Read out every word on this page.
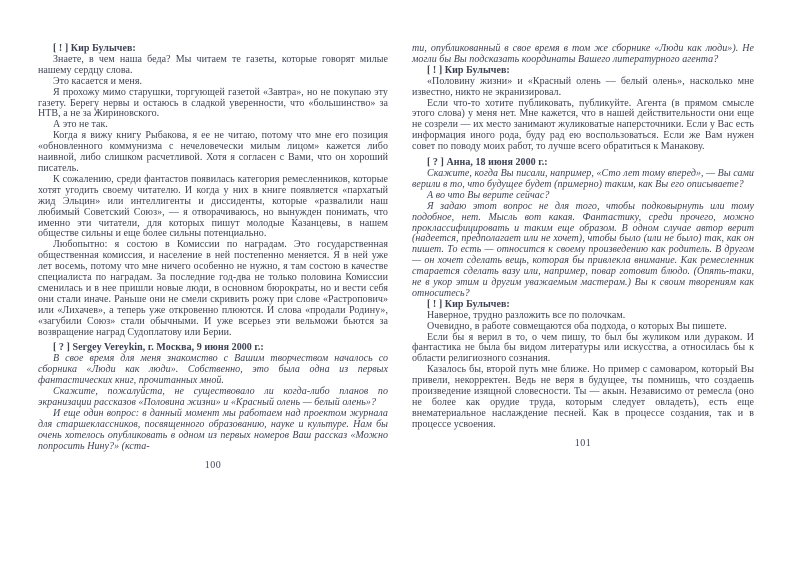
[ ! ] Кир Булычев:

Знаете, в чем наша беда? Мы читаем те газеты, которые говорят милые нашему сердцу слова.

Это касается и меня.

Я прохожу мимо старушки, торгующей газетой «Завтра», но не покупаю эту газету. Берегу нервы и остаюсь в сладкой уверенности, что «большинство» за НТВ, а не за Жириновского.

А это не так.

Когда я вижу книгу Рыбакова, я ее не читаю, потому что мне его позиция «обновленного коммунизма с нечеловечески милым лицом» кажется либо наивной, либо слишком расчетливой. Хотя я согласен с Вами, что он хороший писатель.

К сожалению, среди фантастов появилась категория ремесленников, которые хотят угодить своему читателю. И когда у них в книге появляется «пархатый жид Эльцин» или интеллигенты и диссиденты, которые «развалили наш любимый Советский Союз», — я отворачиваюсь, но вынужден понимать, что именно эти читатели, для которых пишут молодые Казанцевы, в нашем обществе сильны и еще более сильны потенциально.

Любопытно: я состою в Комиссии по наградам. Это государственная общественная комиссия, и население в ней постепенно меняется. Я в ней уже лет восемь, потому что мне ничего особенно не нужно, я там состою в качестве специалиста по наградам. За последние год-два не только половина Комиссии сменилась и в нее пришли новые люди, в основном бюрократы, но и вести себя они стали иначе. Раньше они не смели скривить рожу при слове «Растропович» или «Лихачев», а теперь уже откровенно плюются. И слова «продали Родину», «загубили Союз» стали обычными. И уже всерьез эти вельможи бьются за возвращение наград Судоплатову или Берии.

[ ? ] Sergey Vereykin, г. Москва, 9 июня 2000 г.:

В свое время для меня знакомство с Вашим творчеством началось со сборника «Люди как люди». Собственно, это была одна из первых фантастических книг, прочитанных мной.

Скажите, пожалуйста, не существовало ли когда-либо планов по экранизации рассказов «Половина жизни» и «Красный олень — белый олень»?

И еще один вопрос: в данный момент мы работаем над проектом журнала для старшеклассников, посвященного образованию, науке и культуре. Нам бы очень хотелось опубликовать в одном из первых номеров Ваш рассказ «Можно попросить Нину?» (кста-

100

ти, опубликованный в свое время в том же сборнике «Люди как люди»). Не могли бы Вы подсказать координаты Вашего литературного агента?

[ ! ] Кир Булычев:

«Половину жизни» и «Красный олень — белый олень», насколько мне известно, никто не экранизировал.

Если что-то хотите публиковать, публикуйте. Агента (в прямом смысле этого слова) у меня нет. Мне кажется, что в нашей действительности они еще не созрели — их место занимают жуликоватые наперсточники. Если у Вас есть информация иного рода, буду рад ею воспользоваться. Если же Вам нужен совет по поводу моих работ, то лучше всего обратиться к Манакову.

[ ? ] Анна, 18 июня 2000 г.:

Скажите, когда Вы писали, например, «Сто лет тому вперед», — Вы сами верили в то, что будущее будет (примерно) таким, как Вы его описываете?

А во что Вы верите сейчас?

Я задаю этот вопрос не для того, чтобы подковырнуть или тому подобное, нет. Мысль вот какая. Фантастику, среди прочего, можно проклассифицировать и таким еще образом. В одном случае автор верит (надеется, предполагает или не хочет), чтобы было (или не было) так, как он пишет. То есть — относится к своему произведению как родитель. В другом — он хочет сделать вещь, которая бы привлекла внимание. Как ремесленник старается сделать вазу или, например, повар готовит блюдо. (Опять-таки, не в укор этим и другим уважаемым мастерам.) Вы к своим творениям как относитесь?

[ ! ] Кир Булычев:

Наверное, трудно разложить все по полочкам.

Очевидно, в работе совмещаются оба подхода, о которых Вы пишете.

Если бы я верил в то, о чем пишу, то был бы жуликом или дураком. И фантастика не была бы видом литературы или искусства, а относилась бы к области религиозного сознания.

Казалось бы, второй путь мне ближе. Но пример с самоваром, который Вы привели, некорректен. Ведь не веря в будущее, ты помнишь, что создаешь произведение изящной словесности. Ты — акын. Независимо от ремесла (оно не более как орудие труда, которым следует овладеть), есть еще внематериальное наслаждение песней. Как в процессе создания, так и в процессе усвоения.

101
